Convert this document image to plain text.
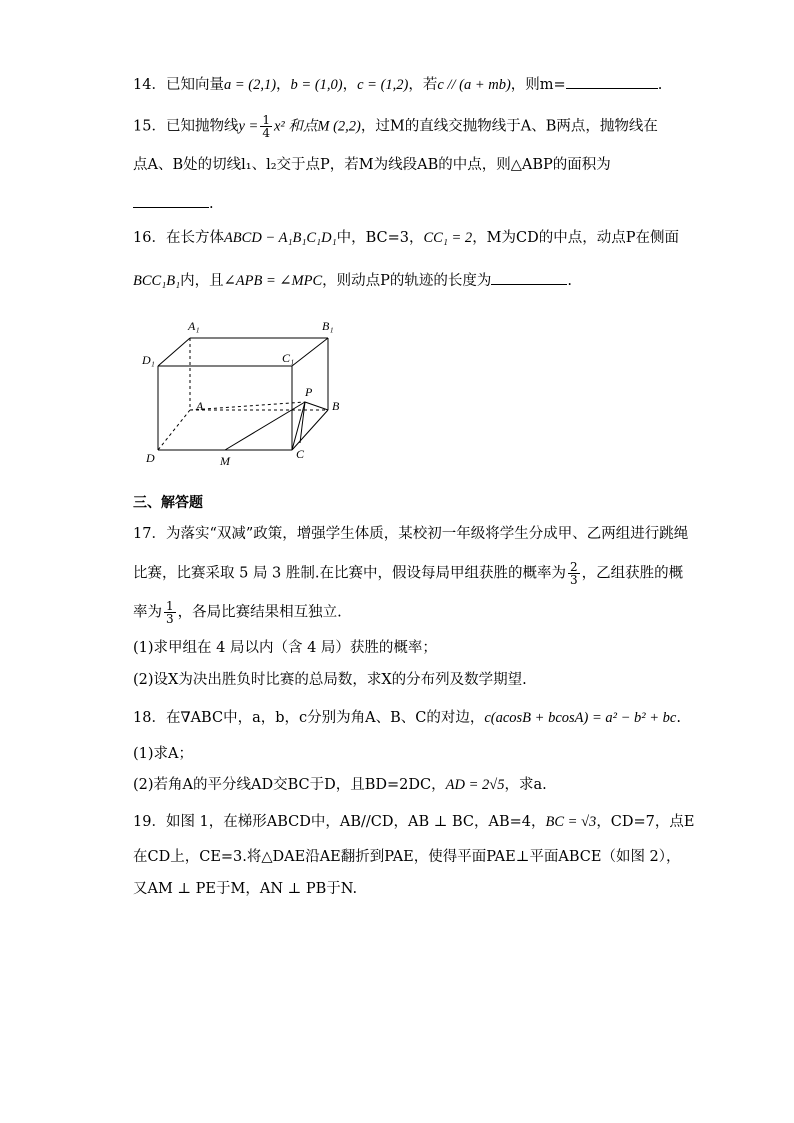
14．已知向量a = (2,1)，b = (1,0)，c = (1,2)，若c // (a + mb)，则m=	.
15．已知抛物线$y = \frac{1}{4} x^2$ 和点M (2,2)，过M的直线交抛物线于A、B两点，抛物线在
点A、B处的切线l₁、l₂交于点P，若M为线段AB的中点，则△ABP的面积为
.
16．在长方体ABCD − A₁B₁C₁D₁中，BC=3，CC₁ = 2，M为CD的中点，动点P在侧面
BCC₁B₁内，且∠APB = ∠MPC，则动点P的轨迹的长度为	.
A₁	B₁
D₁	C₁
A	B
P
D	M	C
三、解答题
17．为落实“双减”政策，增强学生体质，某校初一年级将学生分成甲、乙两组进行跳绳
比赛，比赛采取 5 局 3 胜制.在比赛中，假设每局甲组获胜的概率为 $\frac{2}{3}$ ，乙组获胜的概
率为 $\frac{1}{3}$ ，各局比赛结果相互独立.
(1)求甲组在 4 局以内（含 4 局）获胜的概率；
(2)设X为决出胜负时比赛的总局数，求X的分布列及数学期望.
18．在∇ABC中，a，b，c分别为角A、B、C的对边，c(acosB + bcosA) = a² − b² + bc.
(1)求A；
(2)若角A的平分线AD交BC于D，且BD=2DC，AD = 2√5，求a.
19．如图 1，在梯形ABCD中，AB//CD，AB ⊥ BC，AB=4，BC = √3，CD=7，点E
在CD上，CE=3.将△DAE沿AE翻折到PAE，使得平面PAE⊥平面ABCE（如图 2），
又AM ⊥ PE于M，AN ⊥ PB于N.
